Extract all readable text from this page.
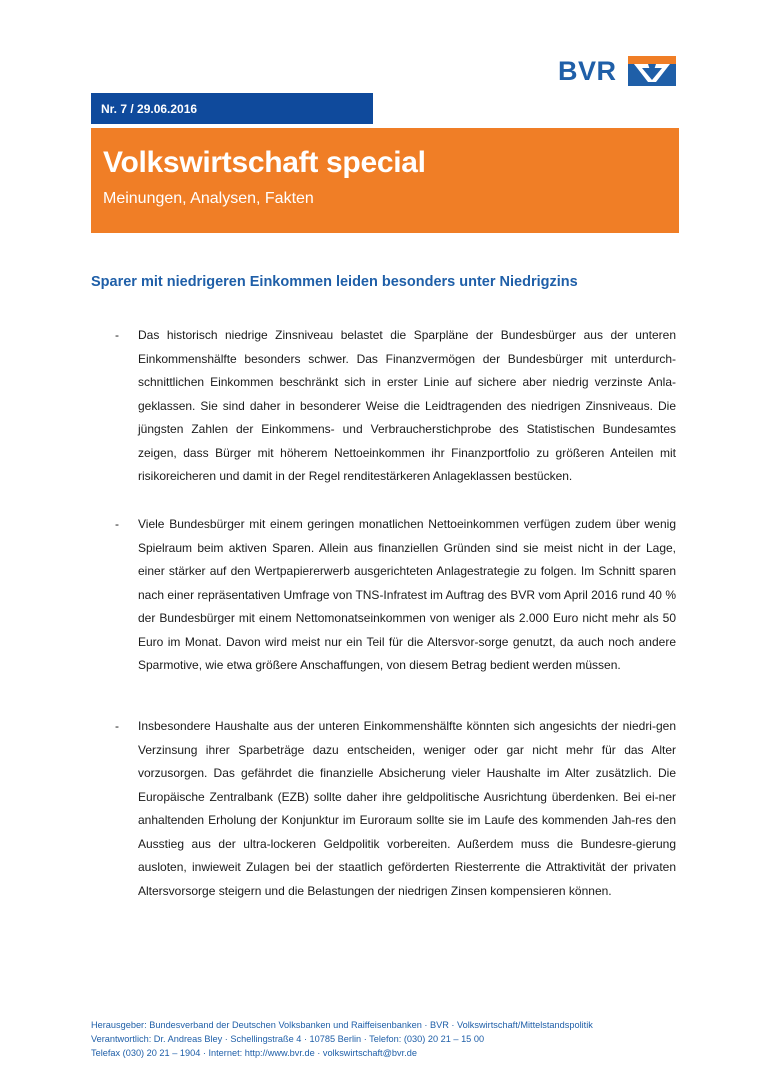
BVR
Nr. 7 / 29.06.2016
Volkswirtschaft special
Meinungen, Analysen, Fakten
Sparer mit niedrigeren Einkommen leiden besonders unter Niedrigzins
- Das historisch niedrige Zinsniveau belastet die Sparpläne der Bundesbürger aus der unteren Einkommenshälfte besonders schwer. Das Finanzvermögen der Bundesbürger mit unterdurch-schnittlichen Einkommen beschränkt sich in erster Linie auf sichere aber niedrig verzinste Anla-geklassen. Sie sind daher in besonderer Weise die Leidtragenden des niedrigen Zinsniveaus. Die jüngsten Zahlen der Einkommens- und Verbraucherstichprobe des Statistischen Bundesamtes zeigen, dass Bürger mit höherem Nettoeinkommen ihr Finanzportfolio zu größeren Anteilen mit risikoreicheren und damit in der Regel renditestärkeren Anlageklassen bestücken.
- Viele Bundesbürger mit einem geringen monatlichen Nettoeinkommen verfügen zudem über wenig Spielraum beim aktiven Sparen. Allein aus finanziellen Gründen sind sie meist nicht in der Lage, einer stärker auf den Wertpapiererwerb ausgerichteten Anlagestrategie zu folgen. Im Schnitt sparen nach einer repräsentativen Umfrage von TNS-Infratest im Auftrag des BVR vom April 2016 rund 40 % der Bundesbürger mit einem Nettomonatseinkommen von weniger als 2.000 Euro nicht mehr als 50 Euro im Monat. Davon wird meist nur ein Teil für die Altersvor-sorge genutzt, da auch noch andere Sparmotive, wie etwa größere Anschaffungen, von diesem Betrag bedient werden müssen.
- Insbesondere Haushalte aus der unteren Einkommenshälfte könnten sich angesichts der niedri-gen Verzinsung ihrer Sparbeträge dazu entscheiden, weniger oder gar nicht mehr für das Alter vorzusorgen. Das gefährdet die finanzielle Absicherung vieler Haushalte im Alter zusätzlich. Die Europäische Zentralbank (EZB) sollte daher ihre geldpolitische Ausrichtung überdenken. Bei ei-ner anhaltenden Erholung der Konjunktur im Euroraum sollte sie im Laufe des kommenden Jah-res den Ausstieg aus der ultra-lockeren Geldpolitik vorbereiten. Außerdem muss die Bundesre-gierung ausloten, inwieweit Zulagen bei der staatlich geförderten Riesterrente die Attraktivität der privaten Altersvorsorge steigern und die Belastungen der niedrigen Zinsen kompensieren können.
Herausgeber: Bundesverband der Deutschen Volksbanken und Raiffeisenbanken · BVR · Volkswirtschaft/Mittelstandspolitik
Verantwortlich: Dr. Andreas Bley · Schellingstraße 4 · 10785 Berlin · Telefon: (030) 20 21 – 15 00
Telefax (030) 20 21 – 1904 · Internet: http://www.bvr.de · volkswirtschaft@bvr.de
